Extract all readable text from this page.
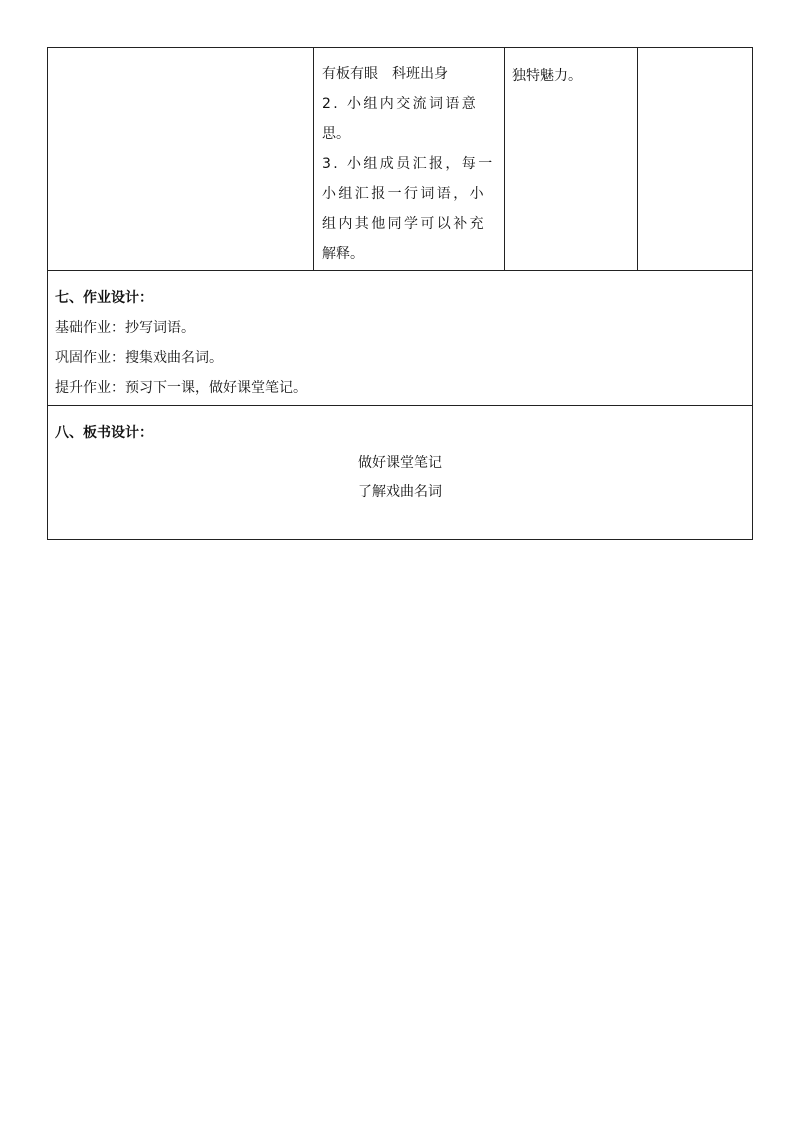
有板有眼　科班出身
2. 小组内交流词语意
思。
3. 小组成员汇报，每一
小组汇报一行词语，小
组内其他同学可以补充
解释。
独特魅力。
七、作业设计：
基础作业：抄写词语。
巩固作业：搜集戏曲名词。
提升作业：预习下一课，做好课堂笔记。
八、板书设计：
做好课堂笔记
了解戏曲名词
